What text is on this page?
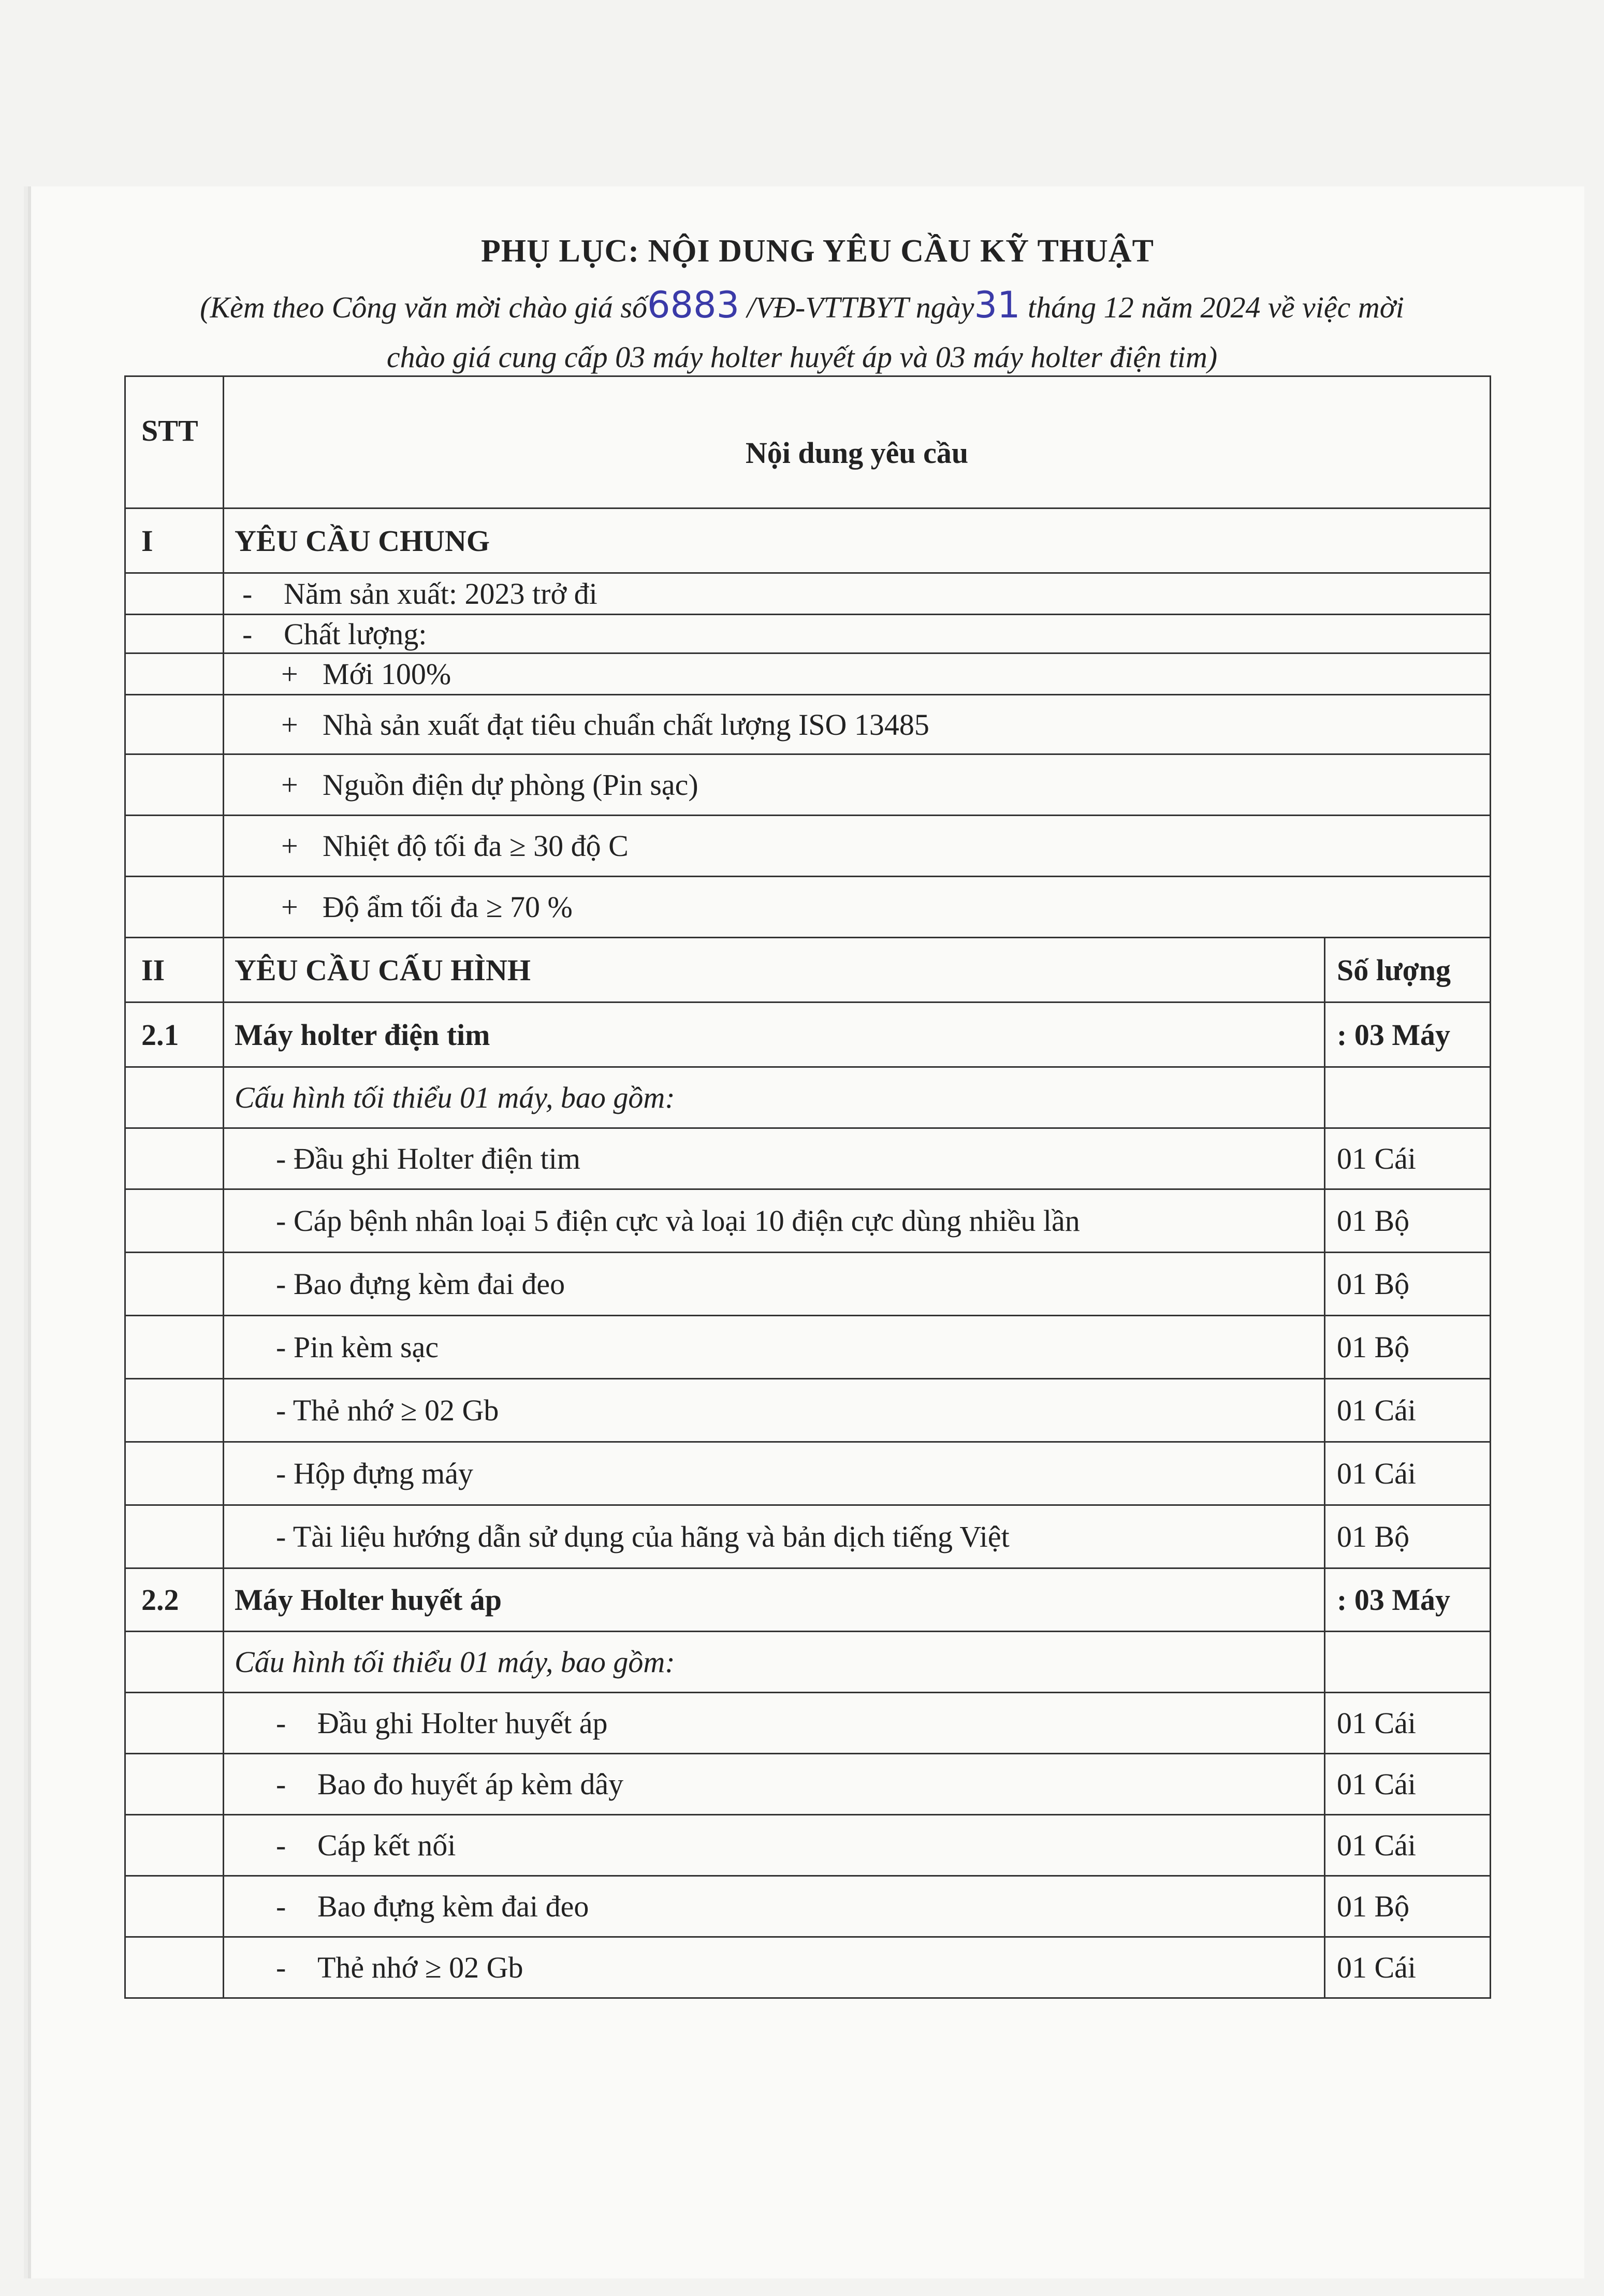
PHỤ LỤC: NỘI DUNG YÊU CẦU KỸ THUẬT
(Kèm theo Công văn mời chào giá số6883 /VĐ-VTTBYT ngày31 tháng 12 năm 2024 về việc mời
chào giá cung cấp 03 máy holter huyết áp và 03 máy holter điện tim)
STT	Nội dung yêu cầu	
I	YÊU CẦU CHUNG	
	- Năm sản xuất: 2023 trở đi	
	- Chất lượng:	
	+ Mới 100%	
	+ Nhà sản xuất đạt tiêu chuẩn chất lượng ISO 13485	
	+ Nguồn điện dự phòng (Pin sạc)	
	+ Nhiệt độ tối đa ≥ 30 độ C	
	+ Độ ẩm tối đa ≥ 70 %	
II	YÊU CẦU CẤU HÌNH	Số lượng
2.1	Máy holter điện tim	: 03 Máy
	Cấu hình tối thiểu 01 máy, bao gồm:	
	- Đầu ghi Holter điện tim	01 Cái
	- Cáp bệnh nhân loại 5 điện cực và loại 10 điện cực dùng nhiều lần	01 Bộ
	- Bao đựng kèm đai đeo	01 Bộ
	- Pin kèm sạc	01 Bộ
	- Thẻ nhớ ≥ 02 Gb	01 Cái
	- Hộp đựng máy	01 Cái
	- Tài liệu hướng dẫn sử dụng của hãng và bản dịch tiếng Việt	01 Bộ
2.2	Máy Holter huyết áp	: 03 Máy
	Cấu hình tối thiểu 01 máy, bao gồm:	
	- Đầu ghi Holter huyết áp	01 Cái
	- Bao đo huyết áp kèm dây	01 Cái
	- Cáp kết nối	01 Cái
	- Bao đựng kèm đai đeo	01 Bộ
	- Thẻ nhớ ≥ 02 Gb	01 Cái
